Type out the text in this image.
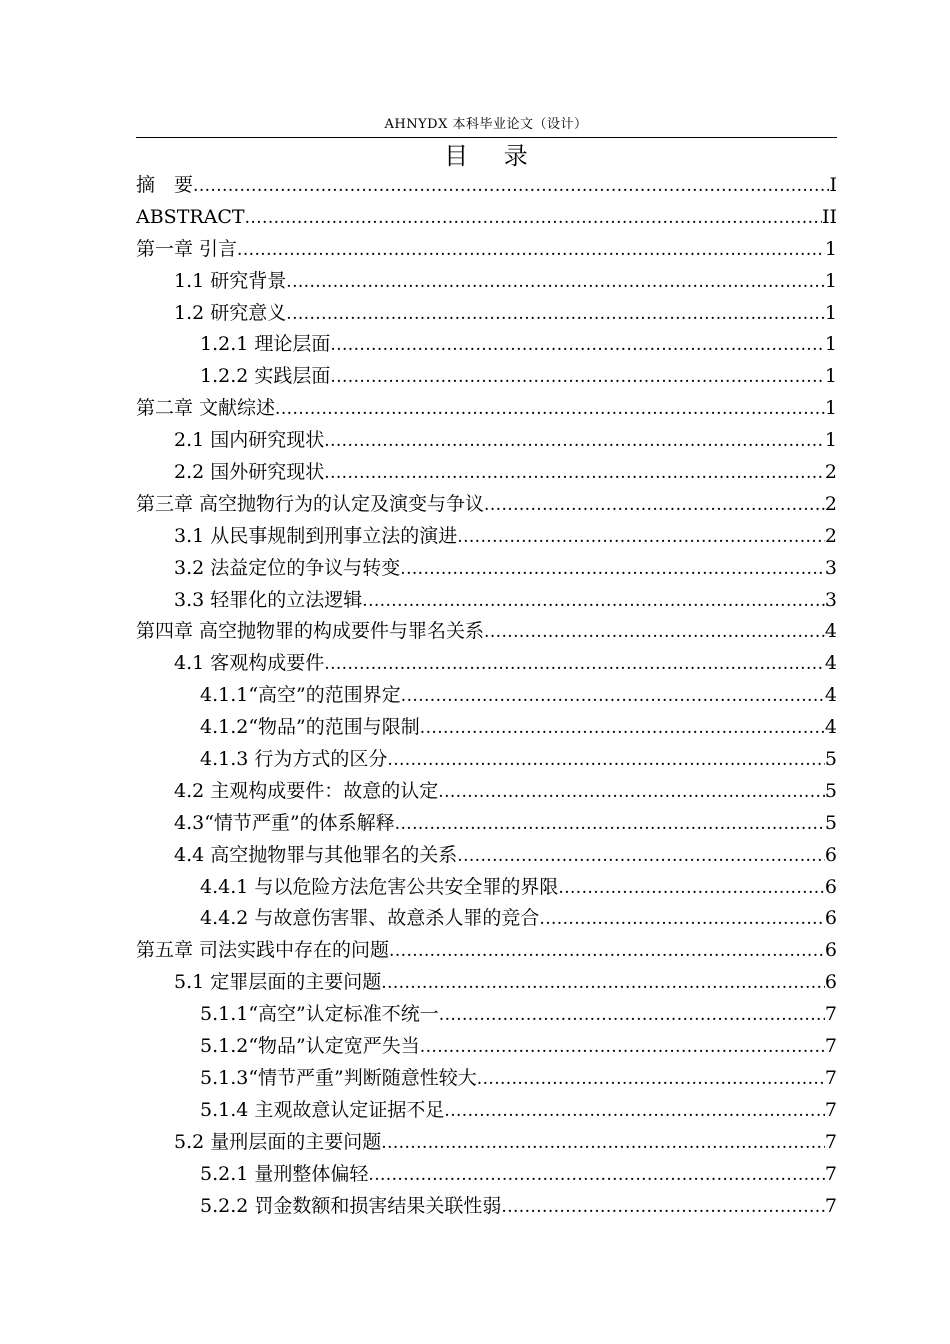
AHNYDX 本科毕业论文（设计）
目 录
摘　要 .....	I
ABSTRACT .....	II
第一章 引言 .....	1
1.1 研究背景 .....	1
1.2 研究意义 .....	1
1.2.1 理论层面 .....	1
1.2.2 实践层面 .....	1
第二章 文献综述 .....	1
2.1 国内研究现状 .....	1
2.2 国外研究现状 .....	2
第三章 高空抛物行为的认定及演变与争议 .....	2
3.1 从民事规制到刑事立法的演进 .....	2
3.2 法益定位的争议与转变 .....	3
3.3 轻罪化的立法逻辑 .....	3
第四章 高空抛物罪的构成要件与罪名关系 .....	4
4.1 客观构成要件 .....	4
4.1.1“高空”的范围界定 .....	4
4.1.2“物品”的范围与限制 .....	4
4.1.3 行为方式的区分 .....	5
4.2 主观构成要件：故意的认定 .....	5
4.3“情节严重”的体系解释 .....	5
4.4 高空抛物罪与其他罪名的关系 .....	6
4.4.1 与以危险方法危害公共安全罪的界限 .....	6
4.4.2 与故意伤害罪、故意杀人罪的竞合 .....	6
第五章 司法实践中存在的问题 .....	6
5.1 定罪层面的主要问题 .....	6
5.1.1“高空”认定标准不统一 .....	7
5.1.2“物品”认定宽严失当 .....	7
5.1.3“情节严重”判断随意性较大 .....	7
5.1.4 主观故意认定证据不足 .....	7
5.2 量刑层面的主要问题 .....	7
5.2.1 量刑整体偏轻 .....	7
5.2.2 罚金数额和损害结果关联性弱 .....	7
